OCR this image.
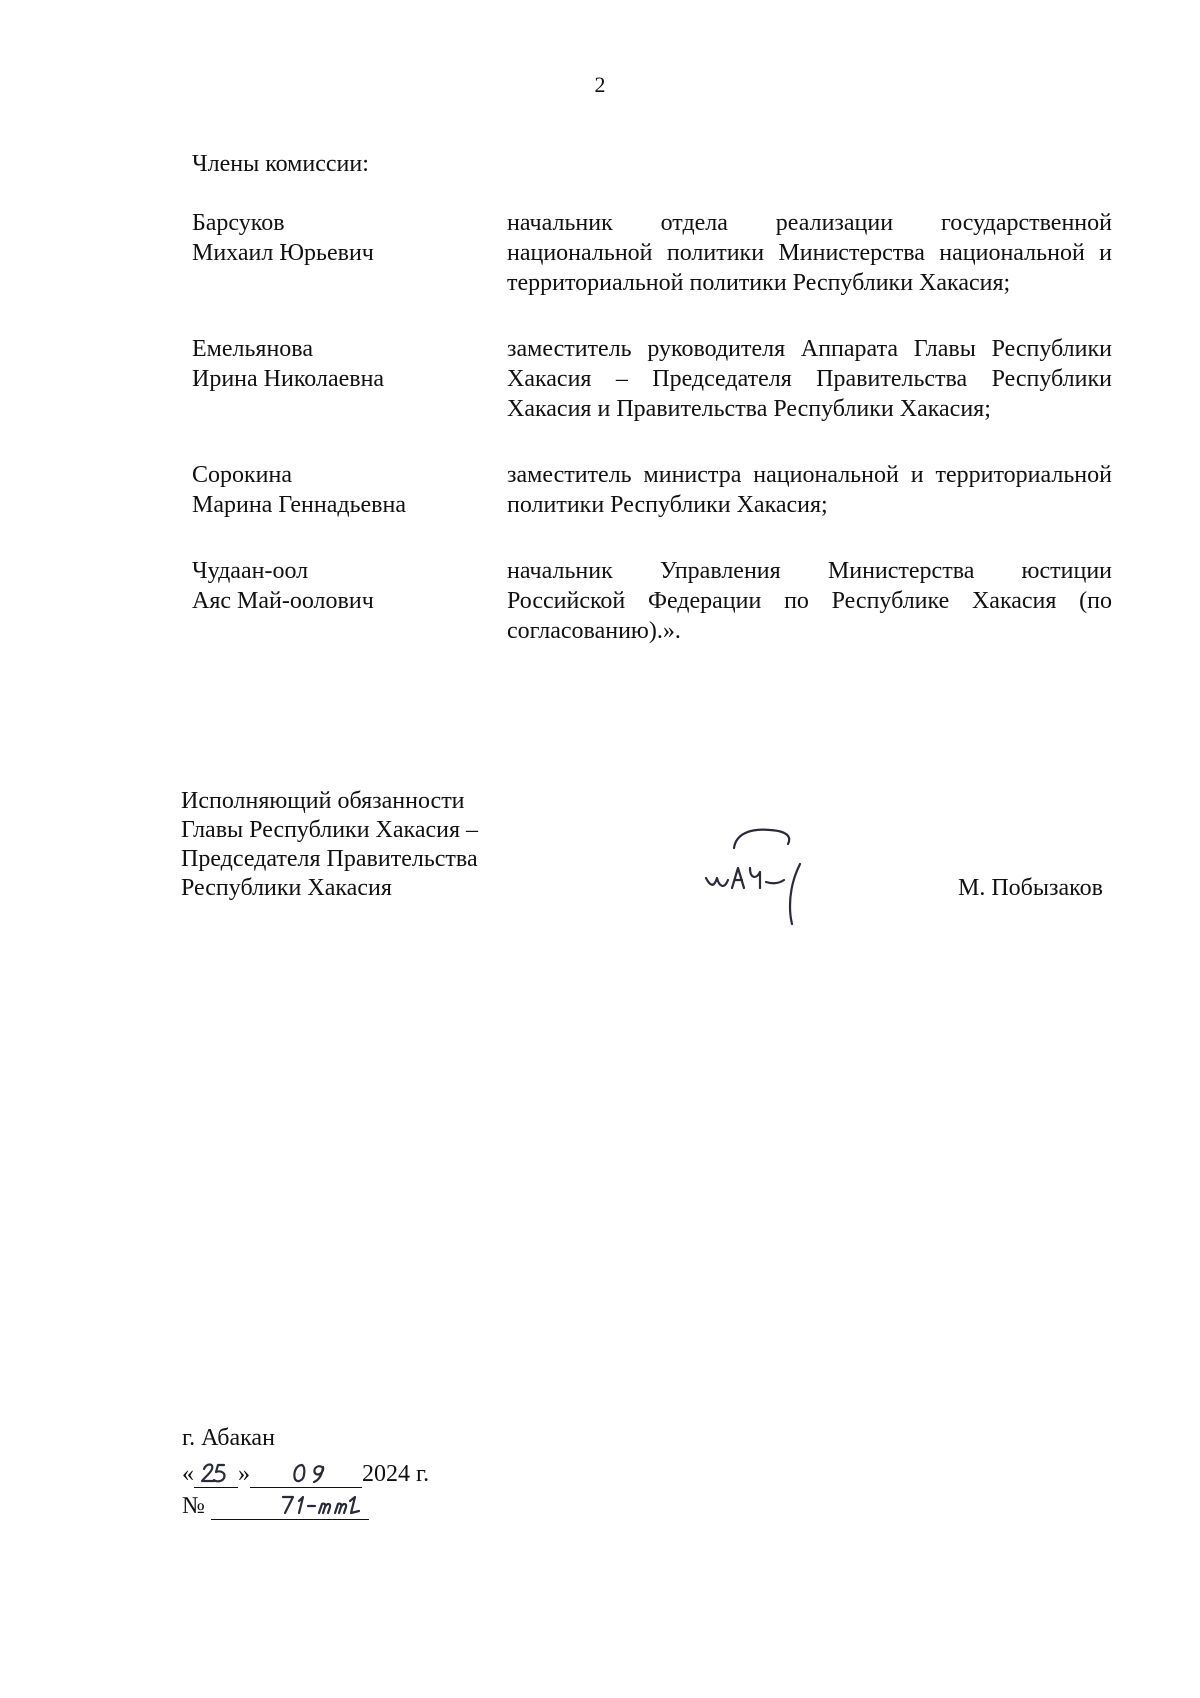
2
Члены комиссии:
Барсуков
Михаил Юрьевич
начальник отдела реализации государственной национальной политики Министерства национальной и территориальной политики Республики Хакасия;
Емельянова
Ирина Николаевна
заместитель руководителя Аппарата Главы Республики Хакасия – Председателя Правительства Республики Хакасия и Правительства Республики Хакасия;
Сорокина
Марина Геннадьевна
заместитель министра национальной и территориальной политики Республики Хакасия;
Чудаан-оол
Аяс Май-оолович
начальник Управления Министерства юстиции Российской Федерации по Республике Хакасия (по согласованию).».
Исполняющий обязанности
Главы Республики Хакасия –
Председателя Правительства
Республики Хакасия	М. Побызаков
г. Абакан
« »	2024 г.
№
